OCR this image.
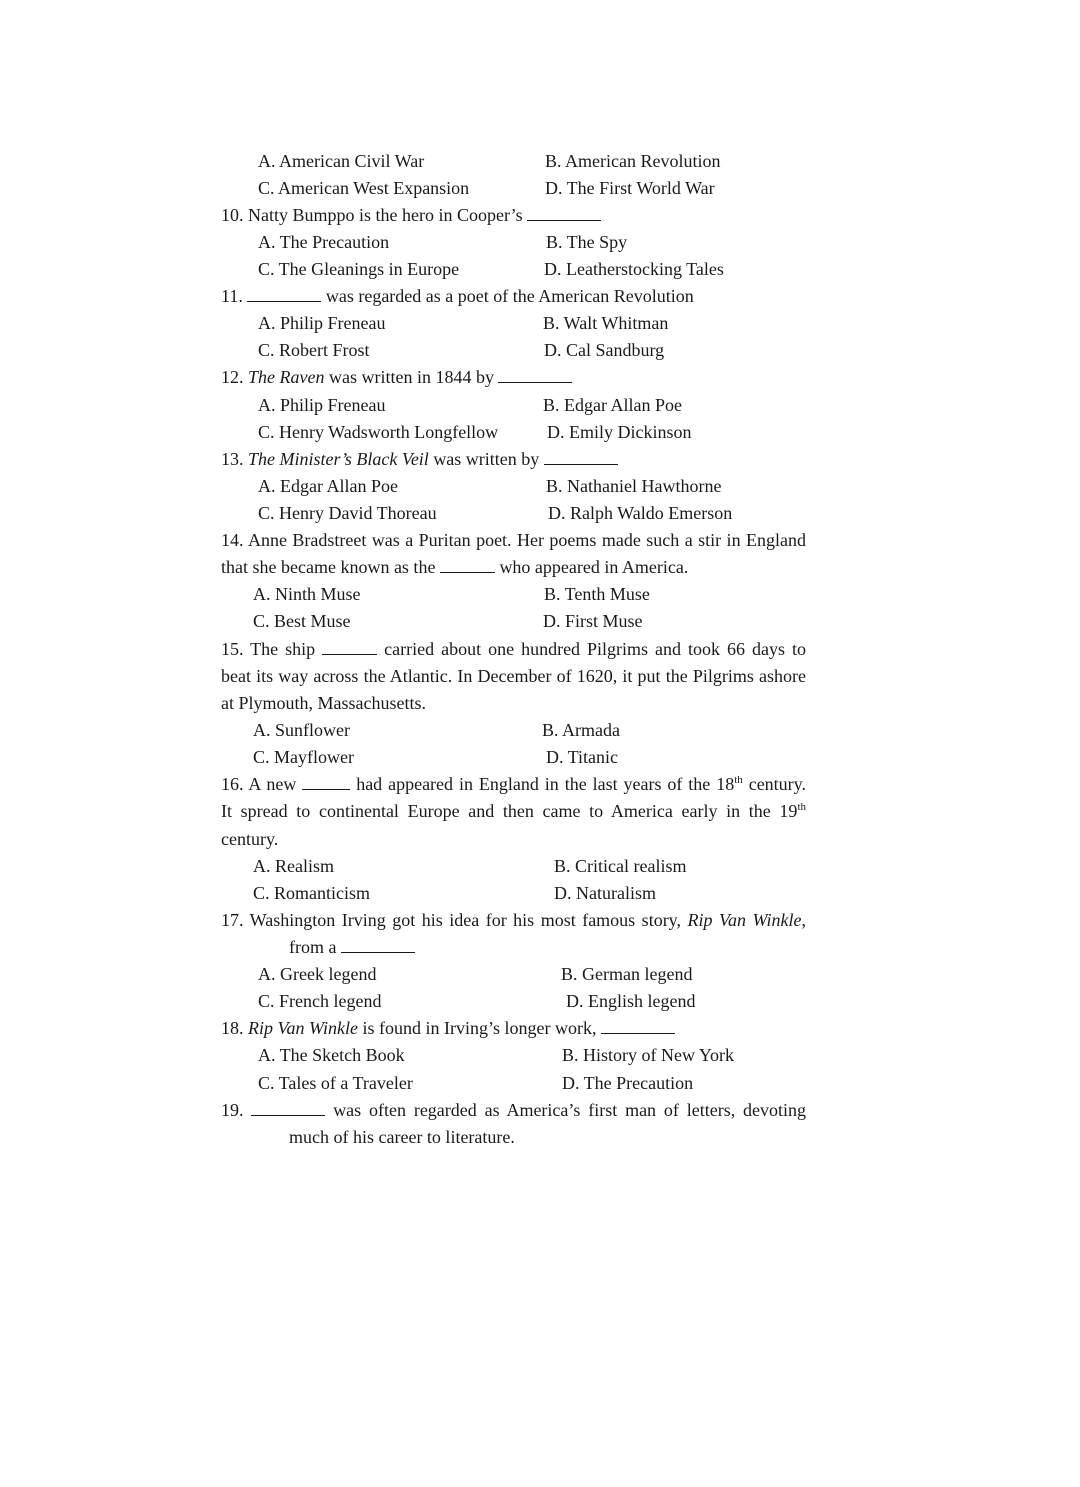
A. American Civil War	B. American Revolution
C. American West Expansion	D. The First World War
10. Natty Bumppo is the hero in Cooper’s
A. The Precaution	B. The Spy
C. The Gleanings in Europe	D. Leatherstocking Tales
11.	was regarded as a poet of the American Revolution
A. Philip Freneau	B. Walt Whitman
C. Robert Frost	D. Cal Sandburg
12. The Raven was written in 1844 by
A. Philip Freneau	B. Edgar Allan Poe
C. Henry Wadsworth Longfellow	D. Emily Dickinson
13. The Minister’s Black Veil was written by
A. Edgar Allan Poe	B. Nathaniel Hawthorne
C. Henry David Thoreau	D. Ralph Waldo Emerson
14. Anne Bradstreet was a Puritan poet. Her poems made such a stir in England
that she became known as the	who appeared in America.
A. Ninth Muse	B. Tenth Muse
C. Best Muse	D. First Muse
15. The ship	carried about one hundred Pilgrims and took 66 days to
beat its way across the Atlantic. In December of 1620, it put the Pilgrims ashore
at Plymouth, Massachusetts.
A. Sunflower	B. Armada
C. Mayflower	D. Titanic
16. A new	had appeared in England in the last years of the 18th century.
It spread to continental Europe and then came to America early in the 19th
century.
A. Realism	B. Critical realism
C. Romanticism	D. Naturalism
17. Washington Irving got his idea for his most famous story, Rip Van Winkle,
from a
A. Greek legend	B. German legend
C. French legend	D. English legend
18. Rip Van Winkle is found in Irving’s longer work,
A. The Sketch Book	B. History of New York
C. Tales of a Traveler	D. The Precaution
19.	was often regarded as America’s first man of letters, devoting
much of his career to literature.
